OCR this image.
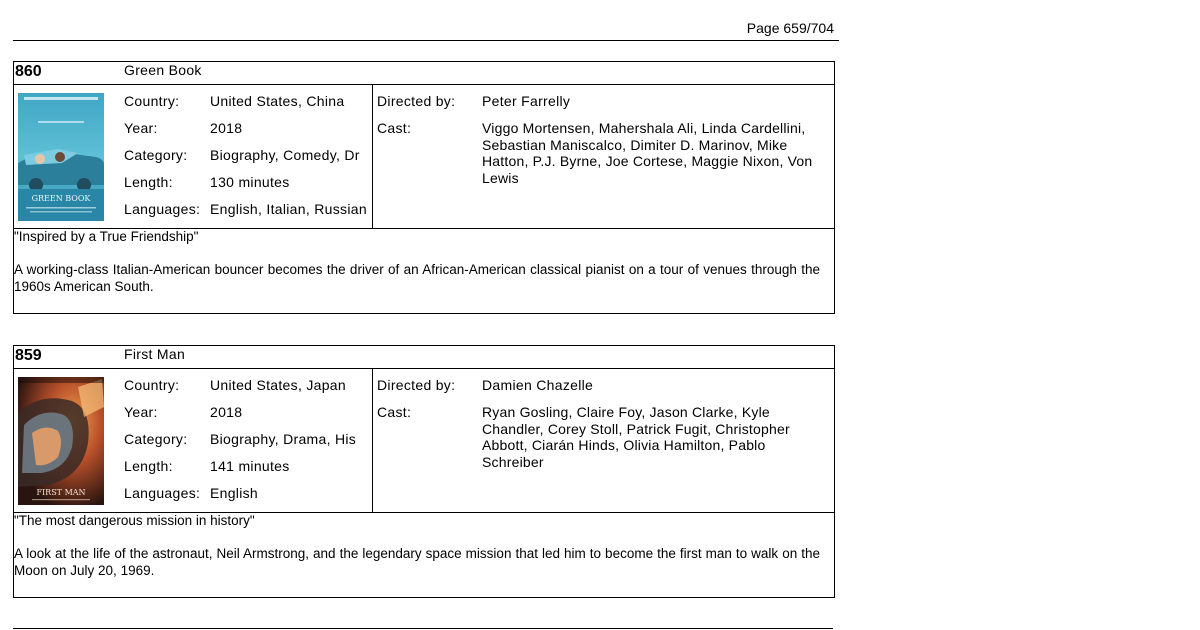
Page 659/704
860	Green Book
GREEN BOOK
Country: United States, China
Year:	2018
Category: Biography, Comedy, Dr
Length:	130 minutes
Languages: English, Italian, Russian
Directed by: Peter Farrelly
Cast:	Viggo Mortensen, Mahershala Ali, Linda Cardellini, Sebastian Maniscalco, Dimiter D. Marinov, Mike Hatton, P.J. Byrne, Joe Cortese, Maggie Nixon, Von Lewis
"Inspired by a True Friendship"
A working-class Italian-American bouncer becomes the driver of an African-American classical pianist on a tour of venues through the 1960s American South.
859	First Man
FIRST MAN
Country: United States, Japan
Year:	2018
Category: Biography, Drama, His
Length:	141 minutes
Languages: English
Directed by: Damien Chazelle
Cast:	Ryan Gosling, Claire Foy, Jason Clarke, Kyle Chandler, Corey Stoll, Patrick Fugit, Christopher Abbott, Ciarán Hinds, Olivia Hamilton, Pablo Schreiber
"The most dangerous mission in history"
A look at the life of the astronaut, Neil Armstrong, and the legendary space mission that led him to become the first man to walk on the Moon on July 20, 1969.
